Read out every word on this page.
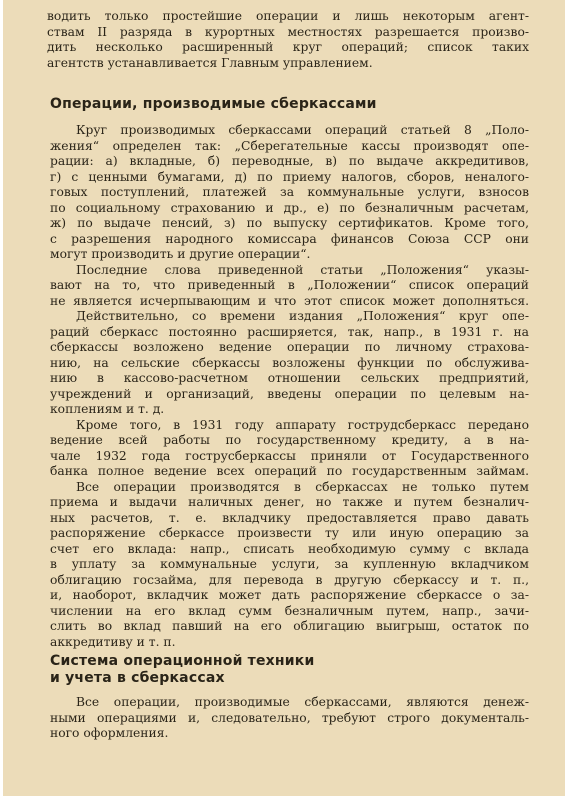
водить только простейшие операции и лишь некоторым агент-
ствам II разряда в курортных местностях разрешается произво-
дить несколько расширенный круг операций; список таких
агентств устанавливается Главным управлением.
Операции, производимые сберкассами
Круг производимых сберкассами операций статьей 8 „Поло-
жения“ определен так: „Сберегательные кассы производят опе-
рации: а) вкладные, б) переводные, в) по выдаче аккредитивов,
г) с ценными бумагами, д) по приему налогов, сборов, неналого-
говых поступлений, платежей за коммунальные услуги, взносов
по социальному страхованию и др., е) по безналичным расчетам,
ж) по выдаче пенсий, з) по выпуску сертификатов. Кроме того,
с разрешения народного комиссара финансов Союза ССР они
могут производить и другие операции“.
Последние слова приведенной статьи „Положения“ указы-
вают на то, что приведенный в „Положении“ список операций
не является исчерпывающим и что этот список может дополняться.
Действительно, со времени издания „Положения“ круг опе-
раций сберкасс постоянно расширяется, так, напр., в 1931 г. на
сберкассы возложено ведение операции по личному страхова-
нию, на сельские сберкассы возложены функции по обслужива-
нию в кассово-расчетном отношении сельских предприятий,
учреждений и организаций, введены операции по целевым на-
коплениям и т. д.
Кроме того, в 1931 году аппарату гострудсберкасс передано
ведение всей работы по государственному кредиту, а в на-
чале 1932 года гострусберкассы приняли от Государственного
банка полное ведение всех операций по государственным займам.
Все операции производятся в сберкассах не только путем
приема и выдачи наличных денег, но также и путем безналич-
ных расчетов, т. е. вкладчику предоставляется право давать
распоряжение сберкассе произвести ту или иную операцию за
счет его вклада: напр., списать необходимую сумму с вклада
в уплату за коммунальные услуги, за купленную вкладчиком
облигацию госзайма, для перевода в другую сберкассу и т. п.,
и, наоборот, вкладчик может дать распоряжение сберкассе о за-
числении на его вклад сумм безналичным путем, напр., зачи-
слить во вклад павший на его облигацию выигрыш, остаток по
аккредитиву и т. п.
Система операционной техники
и учета в сберкассах
Все операции, производимые сберкассами, являются денеж-
ными операциями и, следовательно, требуют строго документаль-
ного оформления.
